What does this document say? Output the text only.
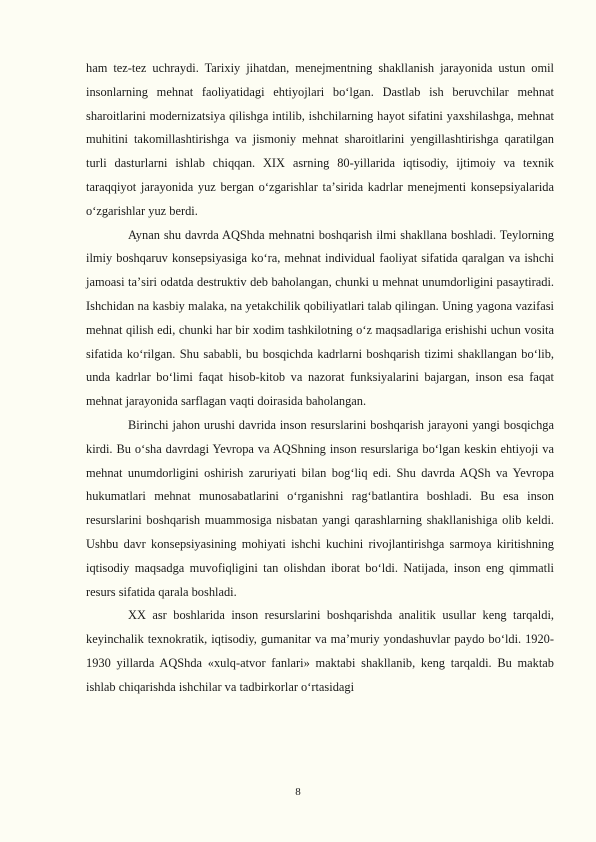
ham tez-tez uchraydi. Tarixiy jihatdan, menejmentning shakllanish jarayonida ustun omil insonlarning mehnat faoliyatidagi ehtiyojlari boʻlgan. Dastlab ish beruvchilar mehnat sharoitlarini modernizatsiya qilishga intilib, ishchilarning hayot sifatini yaxshilashga, mehnat muhitini takomillashtirishga va jismoniy mehnat sharoitlarini yengillashtirishga qaratilgan turli dasturlarni ishlab chiqqan. XIX asrning 80-yillarida iqtisodiy, ijtimoiy va texnik taraqqiyot jarayonida yuz bergan oʻzgarishlar taʼsirida kadrlar menejmenti konsepsiyalarida oʻzgarishlar yuz berdi.

Aynan shu davrda AQShda mehnatni boshqarish ilmi shakllana boshladi. Teylorning ilmiy boshqaruv konsepsiyasiga koʻra, mehnat individual faoliyat sifatida qaralgan va ishchi jamoasi taʼsiri odatda destruktiv deb baholangan, chunki u mehnat unumdorligini pasaytiradi. Ishchidan na kasbiy malaka, na yetakchilik qobiliyatlari talab qilingan. Uning yagona vazifasi mehnat qilish edi, chunki har bir xodim tashkilotning oʻz maqsadlariga erishishi uchun vosita sifatida koʻrilgan. Shu sababli, bu bosqichda kadrlarni boshqarish tizimi shakllangan boʻlib, unda kadrlar boʻlimi faqat hisob-kitob va nazorat funksiyalarini bajargan, inson esa faqat mehnat jarayonida sarflagan vaqti doirasida baholangan.

Birinchi jahon urushi davrida inson resurslarini boshqarish jarayoni yangi bosqichga kirdi. Bu oʻsha davrdagi Yevropa va AQShning inson resurslariga boʻlgan keskin ehtiyoji va mehnat unumdorligini oshirish zaruriyati bilan bogʻliq edi. Shu davrda AQSh va Yevropa hukumatlari mehnat munosabatlarini oʻrganishni ragʻbatlantira boshladi. Bu esa inson resurslarini boshqarish muammosiga nisbatan yangi qarashlarning shakllanishiga olib keldi. Ushbu davr konsepsiyasining mohiyati ishchi kuchini rivojlantirishga sarmoya kiritishning iqtisodiy maqsadga muvofiqligini tan olishdan iborat boʻldi. Natijada, inson eng qimmatli resurs sifatida qarala boshladi.

XX asr boshlarida inson resurslarini boshqarishda analitik usullar keng tarqaldi, keyinchalik texnokratik, iqtisodiy, gumanitar va maʼmuriy yondashuvlar paydo boʻldi. 1920-1930 yillarda AQShda «xulq-atvor fanlari» maktabi shakllanib, keng tarqaldi. Bu maktab ishlab chiqarishda ishchilar va tadbirkorlar oʻrtasidagi

8
